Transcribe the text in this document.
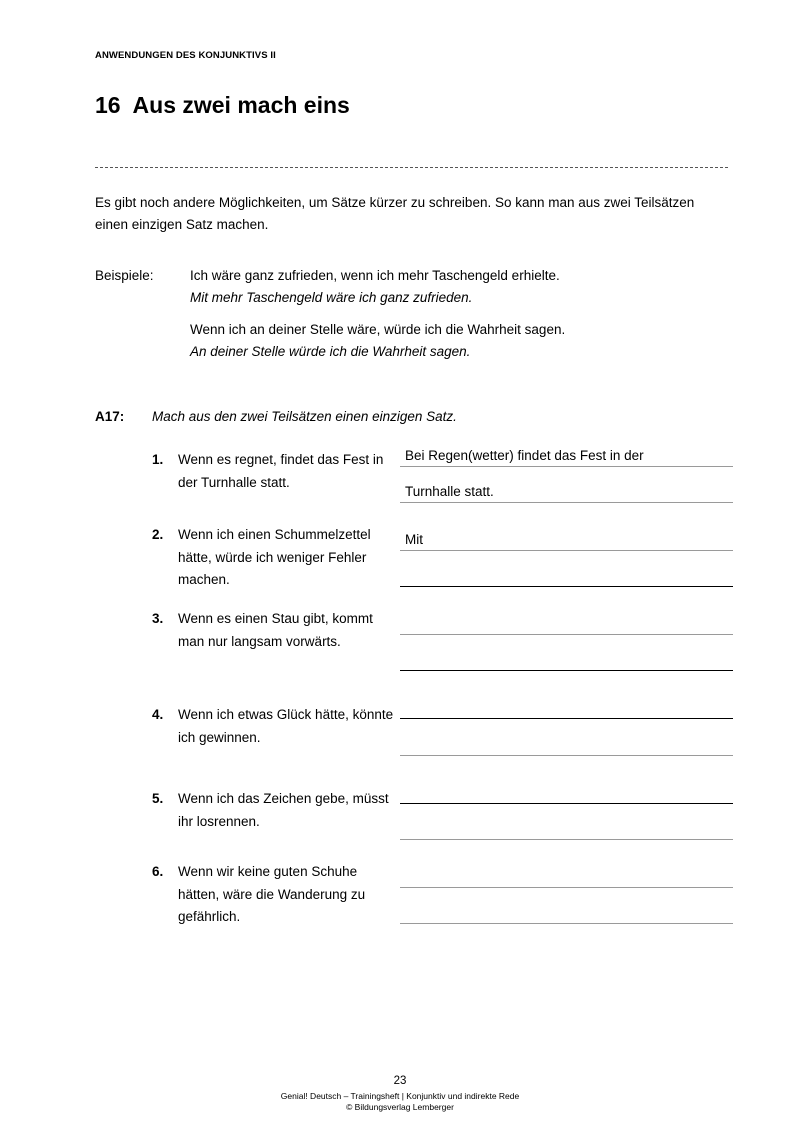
ANWENDUNGEN DES KONJUNKTIVS II
16 Aus zwei mach eins
Es gibt noch andere Möglichkeiten, um Sätze kürzer zu schreiben. So kann man aus zwei Teilsätzen einen einzigen Satz machen.
Beispiele:	Ich wäre ganz zufrieden, wenn ich mehr Taschengeld erhielte.
Mit mehr Taschengeld wäre ich ganz zufrieden.
Wenn ich an deiner Stelle wäre, würde ich die Wahrheit sagen.
An deiner Stelle würde ich die Wahrheit sagen.
A17: Mach aus den zwei Teilsätzen einen einzigen Satz.
1. Wenn es regnet, findet das Fest in der Turnhalle statt.
Bei Regen(wetter) findet das Fest in der
Turnhalle statt.
2. Wenn ich einen Schummelzettel hätte, würde ich weniger Fehler machen.
Mit
3. Wenn es einen Stau gibt, kommt man nur langsam vorwärts.
4. Wenn ich etwas Glück hätte, könnte ich gewinnen.
5. Wenn ich das Zeichen gebe, müsst ihr losrennen.
6. Wenn wir keine guten Schuhe hätten, wäre die Wanderung zu gefährlich.
23
Genial! Deutsch – Trainingsheft | Konjunktiv und indirekte Rede
© Bildungsverlag Lemberger
